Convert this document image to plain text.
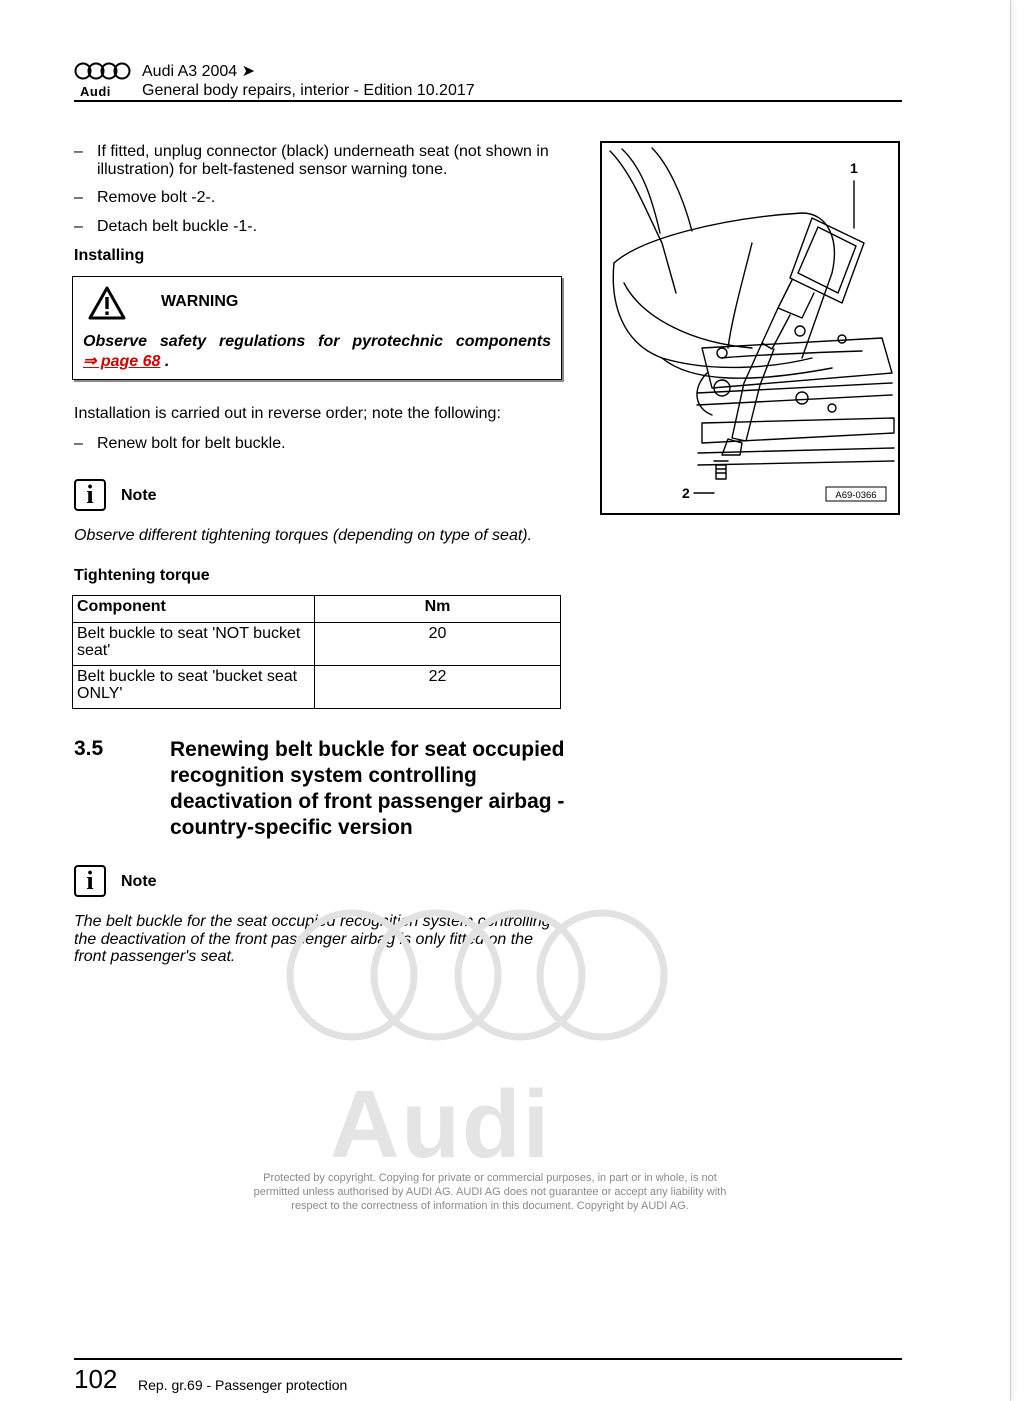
Audi
Audi A3 2004 ➤
General body repairs, interior - Edition 10.2017
– If fitted, unplug connector (black) underneath seat (not shown in illustration) for belt-fastened sensor warning tone.
– Remove bolt -2-.
– Detach belt buckle -1-.
Installing
WARNING
Observe safety regulations for pyrotechnic components
⇒ page 68 .
Installation is carried out in reverse order; note the following:
– Renew bolt for belt buckle.
i	Note
Observe different tightening torques (depending on type of seat).
Tightening torque
Component	Nm
Belt buckle to seat 'NOT bucket seat'	20
Belt buckle to seat 'bucket seat ONLY'	22
3.5	Renewing belt buckle for seat occupied recognition system controlling deactivation of front passenger airbag - country-specific version
i	Note
The belt buckle for the seat occupied recognition system controlling the deactivation of the front passenger airbag is only fitted on the front passenger's seat.
1
2	A69-0366
Audi
Protected by copyright. Copying for private or commercial purposes, in part or in whole, is not permitted unless authorised by AUDI AG. AUDI AG does not guarantee or accept any liability with respect to the correctness of information in this document. Copyright by AUDI AG.
102 Rep. gr.69 - Passenger protection
